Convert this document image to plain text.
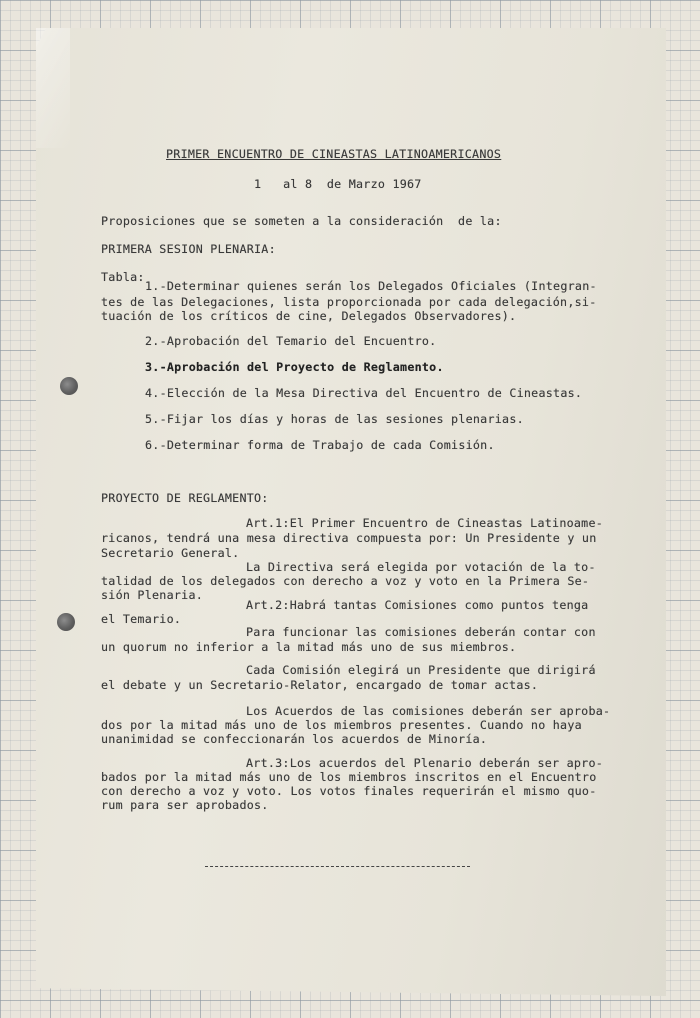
PRIMER ENCUENTRO DE CINEASTAS LATINOAMERICANOS

1   al 8  de Marzo 1967

Proposiciones que se someten a la consideración  de la:

PRIMERA SESION PLENARIA:

Tabla:

1.-Determinar quienes serán los Delegados Oficiales (Integran-

tes de las Delegaciones, lista proporcionada por cada delegación,si-

tuación de los críticos de cine, Delegados Observadores).

2.-Aprobación del Temario del Encuentro.

3.-Aprobación del Proyecto de Reglamento.

4.-Elección de la Mesa Directiva del Encuentro de Cineastas.

5.-Fijar los días y horas de las sesiones plenarias.

6.-Determinar forma de Trabajo de cada Comisión.

PROYECTO DE REGLAMENTO:

Art.1:El Primer Encuentro de Cineastas Latinoame-

ricanos, tendrá una mesa directiva compuesta por: Un Presidente y un

Secretario General.

La Directiva será elegida por votación de la to-

talidad de los delegados con derecho a voz y voto en la Primera Se-

sión Plenaria.

Art.2:Habrá tantas Comisiones como puntos tenga

el Temario.

Para funcionar las comisiones deberán contar con

un quorum no inferior a la mitad más uno de sus miembros.

Cada Comisión elegirá un Presidente que dirigirá

el debate y un Secretario-Relator, encargado de tomar actas.

Los Acuerdos de las comisiones deberán ser aproba-

dos por la mitad más uno de los miembros presentes. Cuando no haya

unanimidad se confeccionarán los acuerdos de Minoría.

Art.3:Los acuerdos del Plenario deberán ser apro-

bados por la mitad más uno de los miembros inscritos en el Encuentro

con derecho a voz y voto. Los votos finales requerirán el mismo quo-

rum para ser aprobados.
